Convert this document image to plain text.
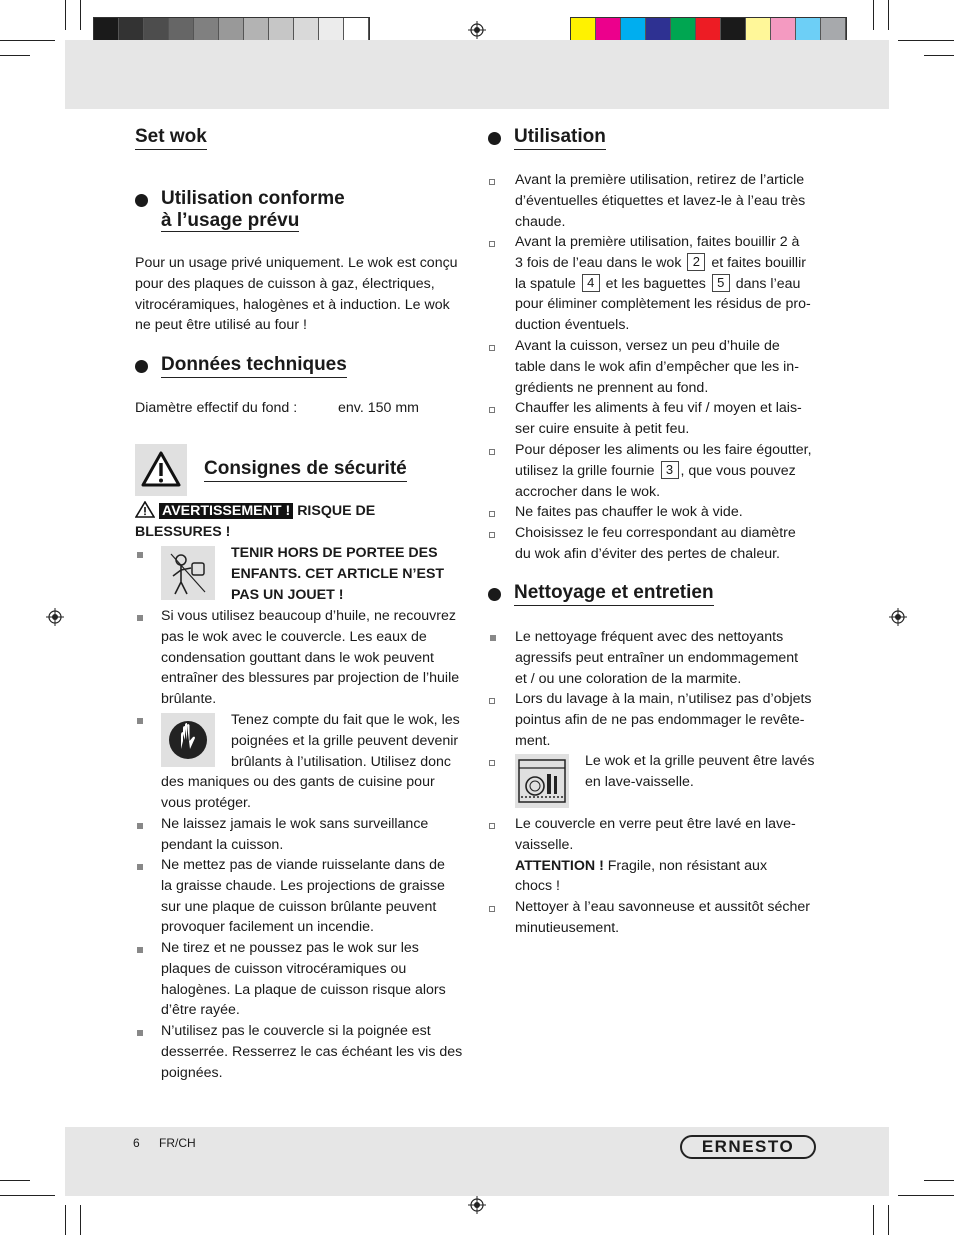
Set wok
Utilisation conforme
à l’usage prévu
Pour un usage privé uniquement. Le wok est conçu
pour des plaques de cuisson à gaz, électriques,
vitrocéramiques, halogènes et à induction. Le wok
ne peut être utilisé au four !
Données techniques
Diamètre effectif du fond :	env. 150 mm
Consignes de sécurité
AVERTISSEMENT ! RISQUE DE
BLESSURES !
TENIR HORS DE PORTEE DES
ENFANTS. CET ARTICLE N’EST
PAS UN JOUET !
Si vous utilisez beaucoup d’huile, ne recouvrez
pas le wok avec le couvercle. Les eaux de
condensation gouttant dans le wok peuvent
entraîner des blessures par projection de l’huile
brûlante.
Tenez compte du fait que le wok, les
poignées et la grille peuvent devenir
brûlants à l’utilisation. Utilisez donc
des maniques ou des gants de cuisine pour
vous protéger.
Ne laissez jamais le wok sans surveillance
pendant la cuisson.
Ne mettez pas de viande ruisselante dans de
la graisse chaude. Les projections de graisse
sur une plaque de cuisson brûlante peuvent
provoquer facilement un incendie.
Ne tirez et ne poussez pas le wok sur les
plaques de cuisson vitrocéramiques ou
halogènes. La plaque de cuisson risque alors
d’être rayée.
N’utilisez pas le couvercle si la poignée est
desserrée. Resserrez le cas échéant les vis des
poignées.
Utilisation
Avant la première utilisation, retirez de l’article
d’éventuelles étiquettes et lavez-le à l’eau très
chaude.
Avant la première utilisation, faites bouillir 2 à
3 fois de l’eau dans le wok 2 et faites bouillir
la spatule 4 et les baguettes 5 dans l’eau
pour éliminer complètement les résidus de pro-
duction éventuels.
Avant la cuisson, versez un peu d’huile de
table dans le wok afin d’empêcher que les in-
grédients ne prennent au fond.
Chauffer les aliments à feu vif / moyen et lais-
ser cuire ensuite à petit feu.
Pour déposer les aliments ou les faire égoutter,
utilisez la grille fournie 3 , que vous pouvez
accrocher dans le wok.
Ne faites pas chauffer le wok à vide.
Choisissez le feu correspondant au diamètre
du wok afin d’éviter des pertes de chaleur.
Nettoyage et entretien
Le nettoyage fréquent avec des nettoyants
agressifs peut entraîner un endommagement
et / ou une coloration de la marmite.
Lors du lavage à la main, n’utilisez pas d’objets
pointus afin de ne pas endommager le revête-
ment.
Le wok et la grille peuvent être lavés
en lave-vaisselle.
Le couvercle en verre peut être lavé en lave-
vaisselle.
ATTENTION ! Fragile, non résistant aux
chocs !
Nettoyer à l’eau savonneuse et aussitôt sécher
minutieusement.
6 FR/CH	ERNESTO
